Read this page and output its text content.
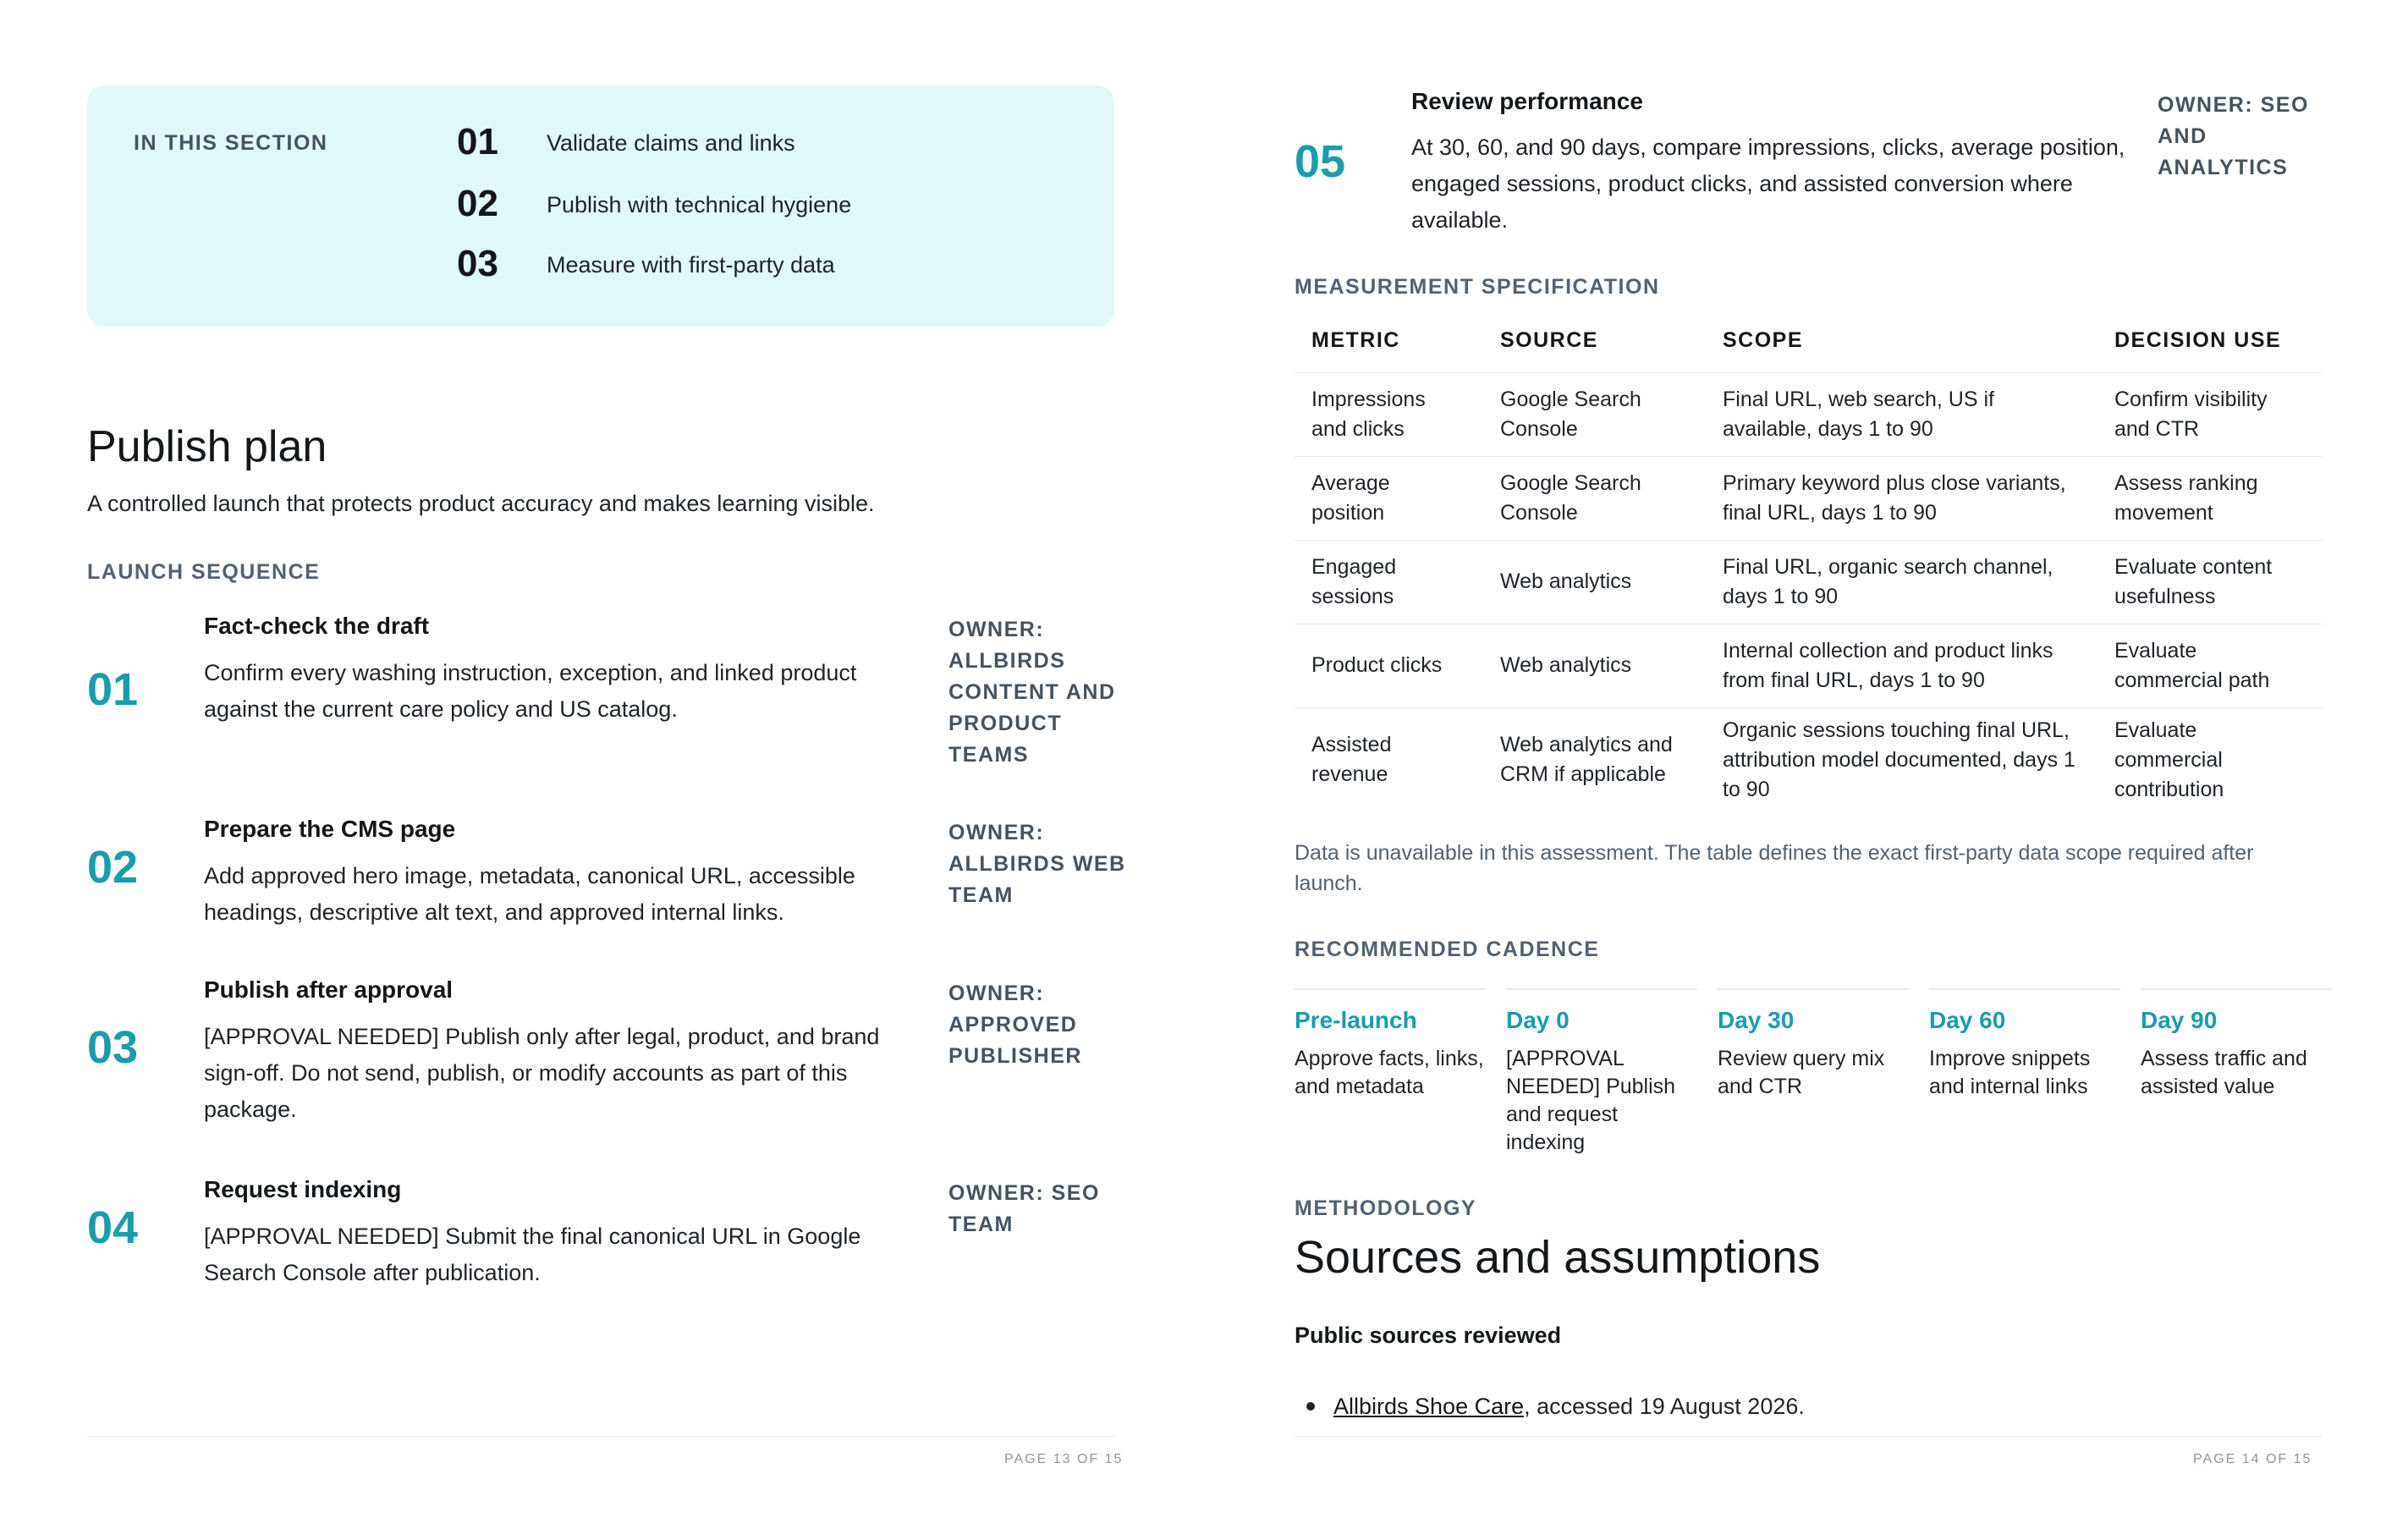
IN THIS SECTION	01 Validate claims and links
02 Publish with technical hygiene
03 Measure with first-party data
Publish plan
A controlled launch that protects product accuracy and makes learning visible.
LAUNCH SEQUENCE
01
Fact-check the draft
Confirm every washing instruction, exception, and linked product against the current care policy and US catalog.
OWNER: ALLBIRDS CONTENT AND PRODUCT TEAMS
02
Prepare the CMS page
Add approved hero image, metadata, canonical URL, accessible headings, descriptive alt text, and approved internal links.
OWNER: ALLBIRDS WEB TEAM
03
Publish after approval
[APPROVAL NEEDED] Publish only after legal, product, and brand sign-off. Do not send, publish, or modify accounts as part of this package.
OWNER: APPROVED PUBLISHER
04
Request indexing
[APPROVAL NEEDED] Submit the final canonical URL in Google Search Console after publication.
OWNER: SEO TEAM
PAGE 13 OF 15
05
Review performance
At 30, 60, and 90 days, compare impressions, clicks, average position, engaged sessions, product clicks, and assisted conversion where available.
OWNER: SEO AND ANALYTICS
MEASUREMENT SPECIFICATION
METRIC	SOURCE	SCOPE	DECISION USE
Impressions and clicks	Google Search Console	Final URL, web search, US if available, days 1 to 90	Confirm visibility and CTR
Average position	Google Search Console	Primary keyword plus close variants, final URL, days 1 to 90	Assess ranking movement
Engaged sessions	Web analytics	Final URL, organic search channel, days 1 to 90	Evaluate content usefulness
Product clicks	Web analytics	Internal collection and product links from final URL, days 1 to 90	Evaluate commercial path
Assisted revenue	Web analytics and CRM if applicable	Organic sessions touching final URL, attribution model documented, days 1 to 90	Evaluate commercial contribution
Data is unavailable in this assessment. The table defines the exact first-party data scope required after launch.
RECOMMENDED CADENCE
Pre-launch
Approve facts, links, and metadata
Day 0
[APPROVAL NEEDED] Publish and request indexing
Day 30
Review query mix and CTR
Day 60
Improve snippets and internal links
Day 90
Assess traffic and assisted value
METHODOLOGY
Sources and assumptions
Public sources reviewed
Allbirds Shoe Care, accessed 19 August 2026.
PAGE 14 OF 15
